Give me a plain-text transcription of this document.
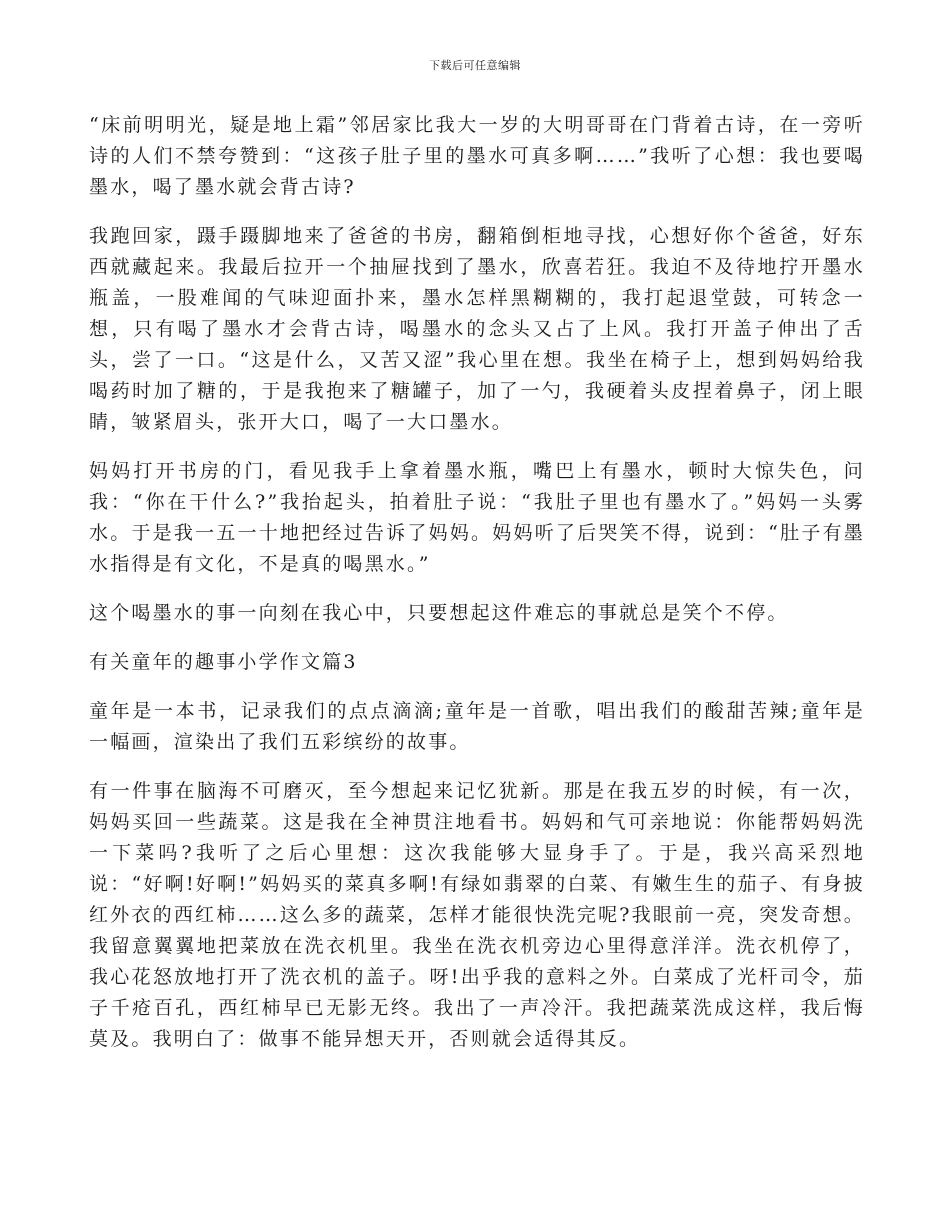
下载后可任意编辑

“床前明明光，疑是地上霜”邻居家比我大一岁的大明哥哥在门背着古诗，在一旁听诗的人们不禁夸赞到：“这孩子肚子里的墨水可真多啊……”我听了心想：我也要喝墨水，喝了墨水就会背古诗?

我跑回家，蹑手蹑脚地来了爸爸的书房，翻箱倒柜地寻找，心想好你个爸爸，好东西就藏起来。我最后拉开一个抽屉找到了墨水，欣喜若狂。我迫不及待地拧开墨水瓶盖，一股难闻的气味迎面扑来，墨水怎样黑糊糊的，我打起退堂鼓，可转念一想，只有喝了墨水才会背古诗，喝墨水的念头又占了上风。我打开盖子伸出了舌头，尝了一口。“这是什么，又苦又涩”我心里在想。我坐在椅子上，想到妈妈给我喝药时加了糖的，于是我抱来了糖罐子，加了一勺，我硬着头皮捏着鼻子，闭上眼睛，皱紧眉头，张开大口，喝了一大口墨水。

妈妈打开书房的门，看见我手上拿着墨水瓶，嘴巴上有墨水，顿时大惊失色，问我：“你在干什么?”我抬起头，拍着肚子说：“我肚子里也有墨水了。”妈妈一头雾水。于是我一五一十地把经过告诉了妈妈。妈妈听了后哭笑不得，说到：“肚子有墨水指得是有文化，不是真的喝黑水。”

这个喝墨水的事一向刻在我心中，只要想起这件难忘的事就总是笑个不停。

有关童年的趣事小学作文篇3

童年是一本书，记录我们的点点滴滴;童年是一首歌，唱出我们的酸甜苦辣;童年是一幅画，渲染出了我们五彩缤纷的故事。

有一件事在脑海不可磨灭，至今想起来记忆犹新。那是在我五岁的时候，有一次，妈妈买回一些蔬菜。这是我在全神贯注地看书。妈妈和气可亲地说：你能帮妈妈洗一下菜吗?我听了之后心里想：这次我能够大显身手了。于是，我兴高采烈地说：“好啊!好啊!”妈妈买的菜真多啊!有绿如翡翠的白菜、有嫩生生的茄子、有身披红外衣的西红柿……这么多的蔬菜，怎样才能很快洗完呢?我眼前一亮，突发奇想。我留意翼翼地把菜放在洗衣机里。我坐在洗衣机旁边心里得意洋洋。洗衣机停了，我心花怒放地打开了洗衣机的盖子。呀!出乎我的意料之外。白菜成了光杆司令，茄子千疮百孔，西红柿早已无影无终。我出了一声冷汗。我把蔬菜洗成这样，我后悔莫及。我明白了：做事不能异想天开，否则就会适得其反。
